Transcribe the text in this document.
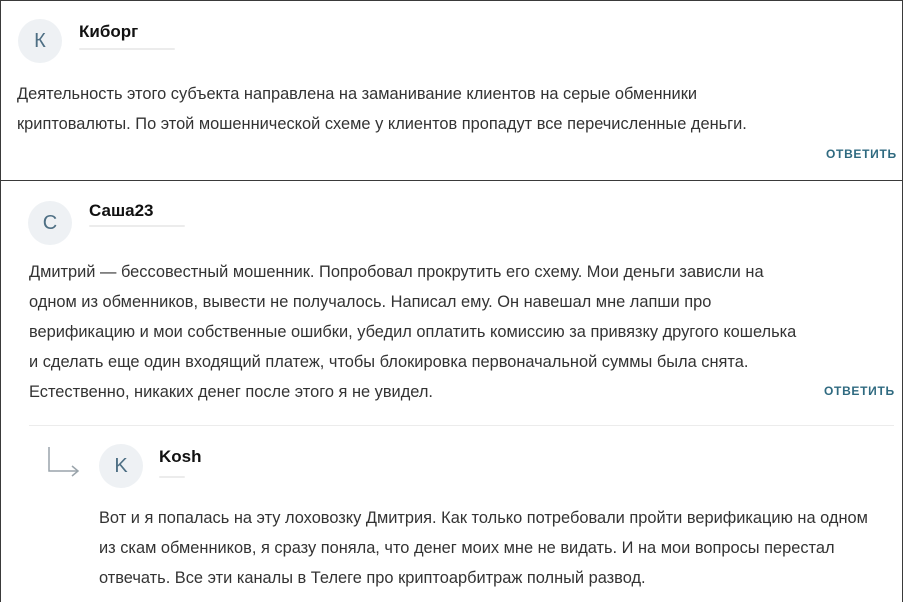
К	Киборг
Деятельность этого субъекта направлена на заманивание клиентов на серые обменники криптовалюты. По этой мошеннической схеме у клиентов пропадут все перечисленные деньги.
ОТВЕТИТЬ
С
Саша23
Дмитрий — бессовестный мошенник. Попробовал прокрутить его схему. Мои деньги зависли на одном из обменников, вывести не получалось. Написал ему. Он навешал мне лапши про верификацию и мои собственные ошибки, убедил оплатить комиссию за привязку другого кошелька и сделать еще один входящий платеж, чтобы блокировка первоначальной суммы была снята. Естественно, никаких денег после этого я не увидел.	ОТВЕТИТЬ
K	Kosh
Вот и я попалась на эту лоховозку Дмитрия. Как только потребовали пройти верификацию на одном из скам обменников, я сразу поняла, что денег моих мне не видать. И на мои вопросы перестал отвечать. Все эти каналы в Телеге про криптоарбитраж полный развод.
